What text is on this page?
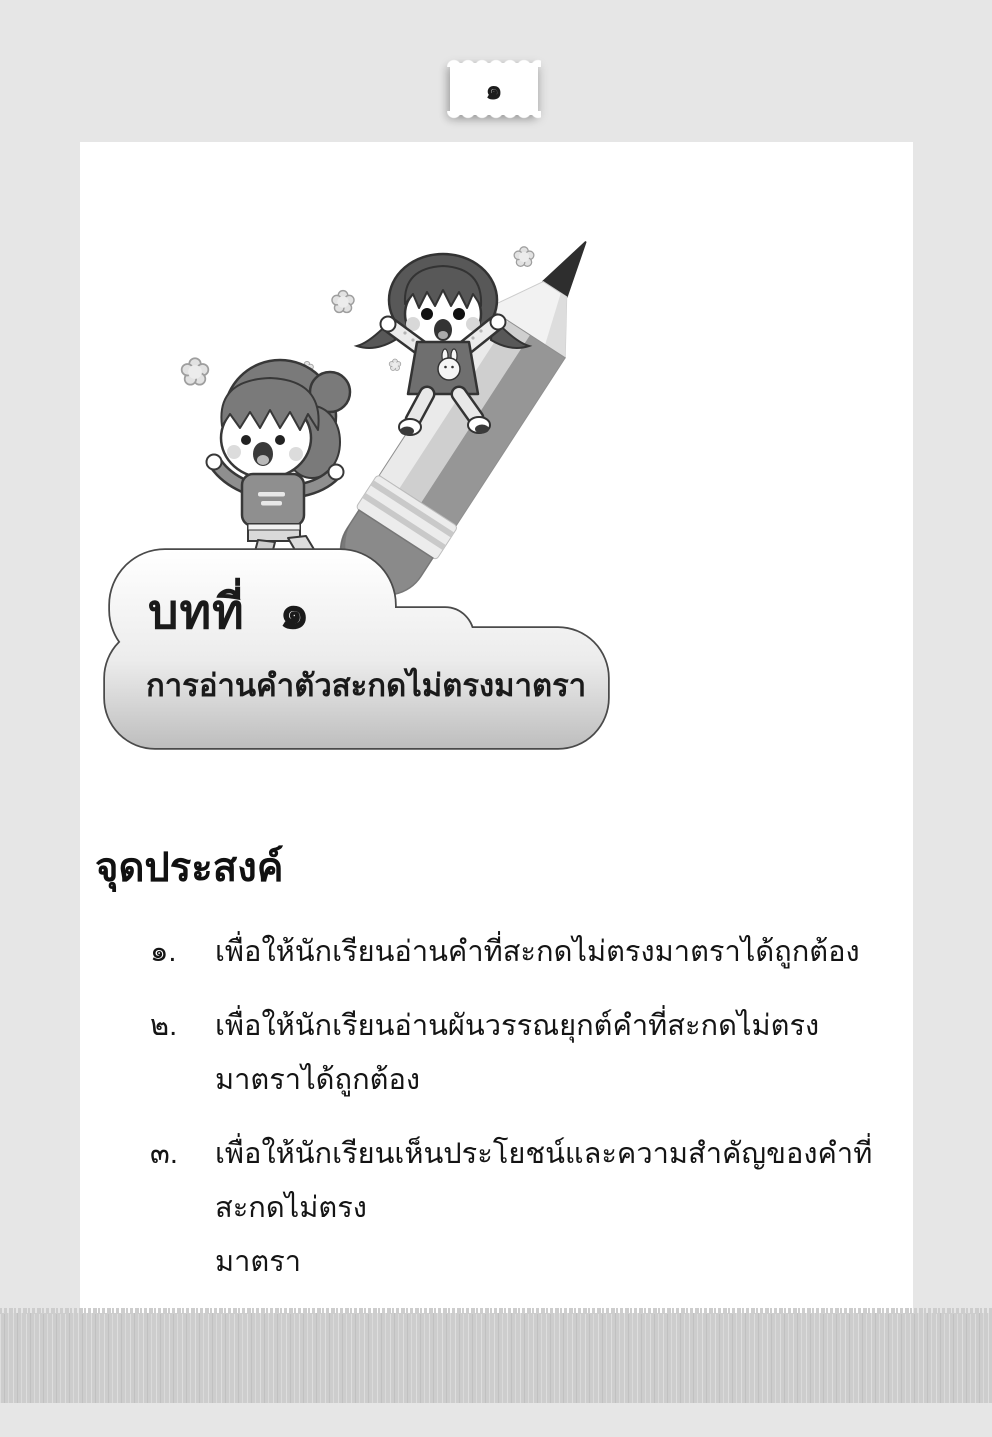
๑
บทที่ ๑
การอ่านคำตัวสะกดไม่ตรงมาตรา
จุดประสงค์
๑.	เพื่อให้นักเรียนอ่านคำที่สะกดไม่ตรงมาตราได้ถูกต้อง
๒.	เพื่อให้นักเรียนอ่านผันวรรณยุกต์คำที่สะกดไม่ตรงมาตราได้ถูกต้อง
๓.	เพื่อให้นักเรียนเห็นประโยชน์และความสำคัญของคำที่สะกดไม่ตรง
มาตรา
